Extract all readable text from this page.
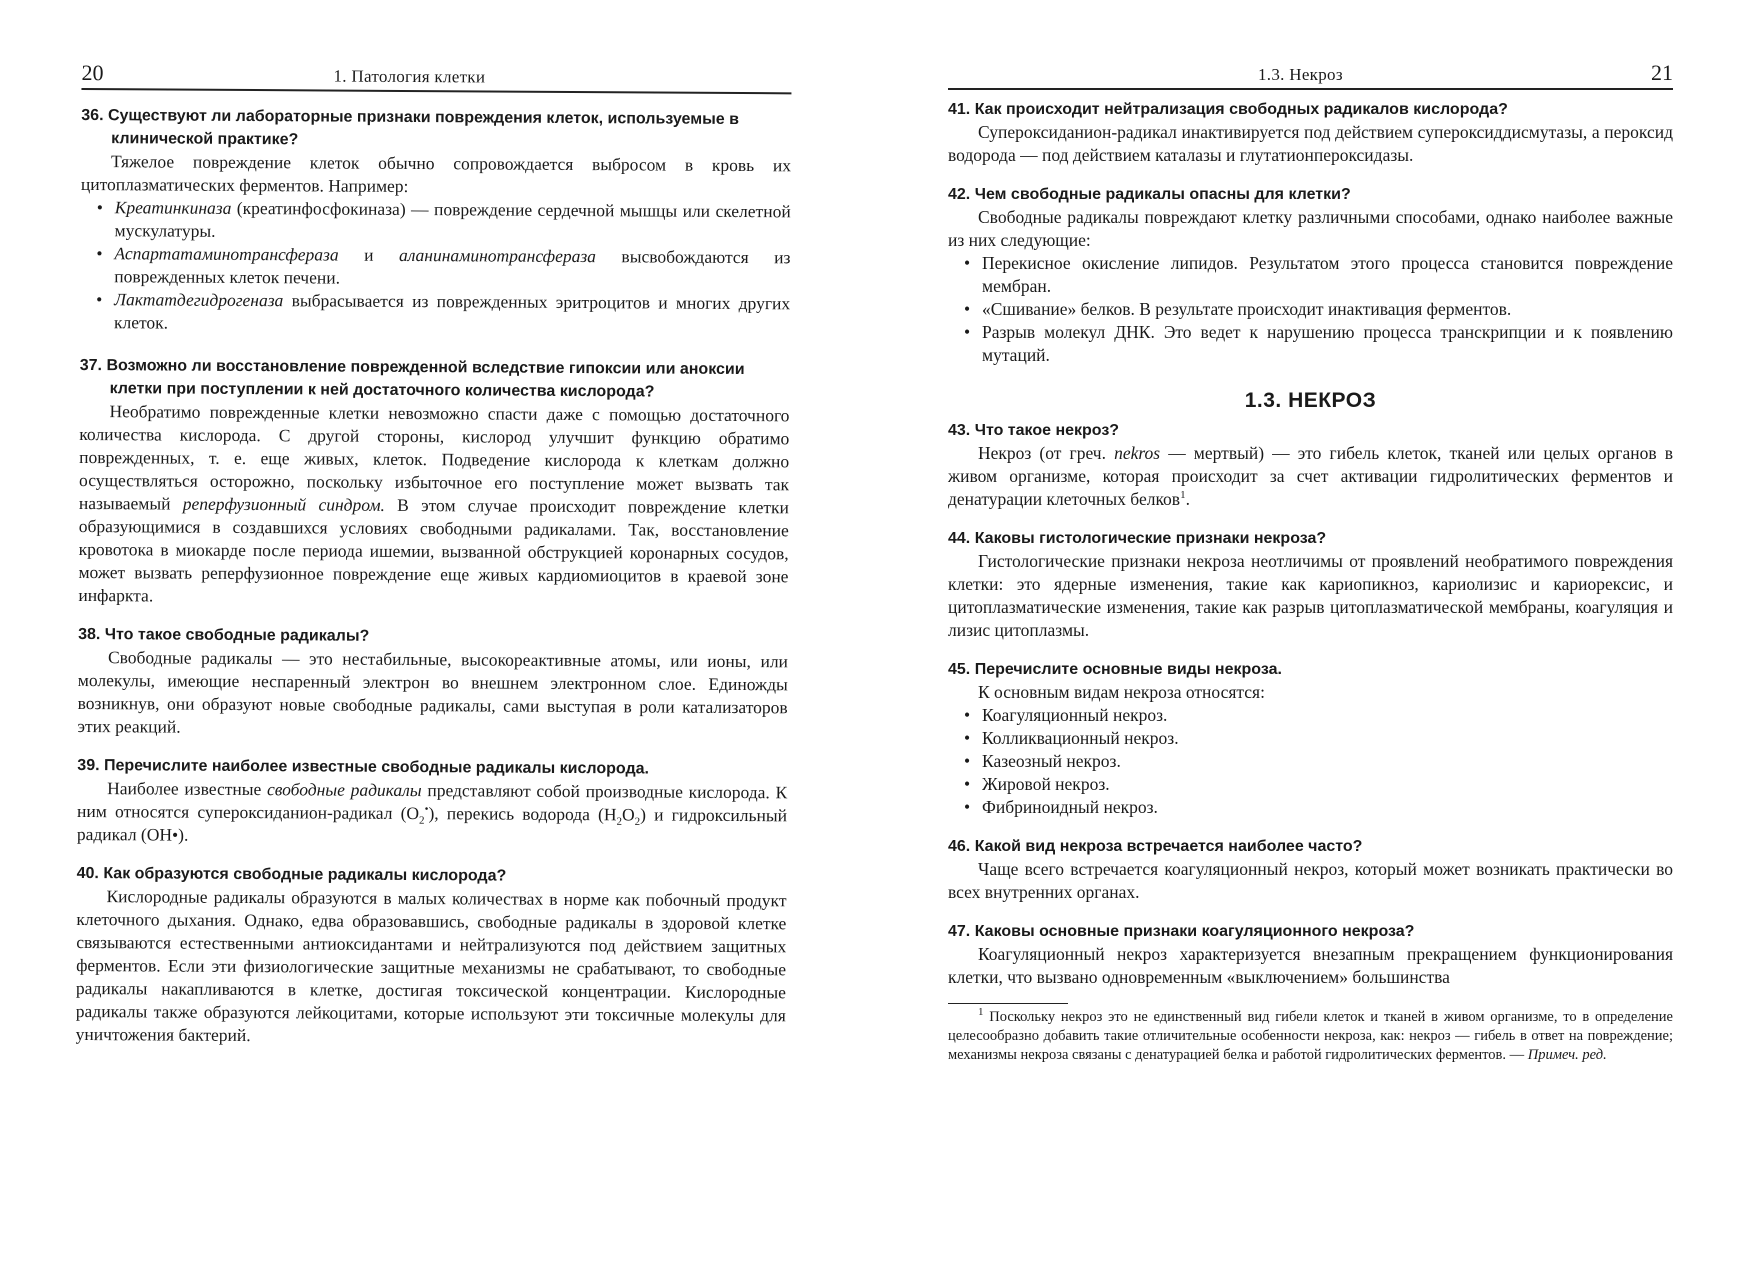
20	1. Патология клетки
36. Существуют ли лабораторные признаки повреждения клеток, используемые в клинической практике?

Тяжелое повреждение клеток обычно сопровождается выбросом в кровь их цитоплазматических ферментов. Например:

• Креатинкиназа (креатинфосфокиназа) — повреждение сердечной мышцы или скелетной мускулатуры.
• Аспартатаминотрансфераза и аланинаминотрансфераза высвобождаются из поврежденных клеток печени.
• Лактатдегидрогеназа выбрасывается из поврежденных эритроцитов и многих других клеток.
37. Возможно ли восстановление поврежденной вследствие гипоксии или аноксии клетки при поступлении к ней достаточного количества кислорода?

Необратимо поврежденные клетки невозможно спасти даже с помощью достаточного количества кислорода. С другой стороны, кислород улучшит функцию обратимо поврежденных, т. е. еще живых, клеток. Подведение кислорода к клеткам должно осуществляться осторожно, поскольку избыточное его поступление может вызвать так называемый реперфузионный синдром. В этом случае происходит повреждение клетки образующимися в создавшихся условиях свободными радикалами. Так, восстановление кровотока в миокарде после периода ишемии, вызванной обструкцией коронарных сосудов, может вызвать реперфузионное повреждение еще живых кардиомиоцитов в краевой зоне инфаркта.

38. Что такое свободные радикалы?

Свободные радикалы — это нестабильные, высокореактивные атомы, или ионы, или молекулы, имеющие неспаренный электрон во внешнем электронном слое. Единожды возникнув, они образуют новые свободные радикалы, сами выступая в роли катализаторов этих реакций.

39. Перечислите наиболее известные свободные радикалы кислорода.

Наиболее известные свободные радикалы представляют собой производные кислорода. К ним относятся супероксиданион-радикал $(O_2^•)$, перекись водорода $(H_2O_2)$ и гидроксильный радикал (OH•).

40. Как образуются свободные радикалы кислорода?

Кислородные радикалы образуются в малых количествах в норме как побочный продукт клеточного дыхания. Однако, едва образовавшись, свободные радикалы в здоровой клетке связываются естественными антиоксидантами и нейтрализуются под действием защитных ферментов. Если эти физиологические защитные механизмы не срабатывают, то свободные радикалы накапливаются в клетке, достигая токсической концентрации. Кислородные радикалы также образуются лейкоцитами, которые используют эти токсичные молекулы для уничтожения бактерий.

1.3. Некроз	21
41. Как происходит нейтрализация свободных радикалов кислорода?

Супероксиданион-радикал инактивируется под действием супероксиддисмутазы, а пероксид водорода — под действием каталазы и глутатионпероксидазы.

42. Чем свободные радикалы опасны для клетки?

Свободные радикалы повреждают клетку различными способами, однако наиболее важные из них следующие:

• Перекисное окисление липидов. Результатом этого процесса становится повреждение мембран.
• «Сшивание» белков. В результате происходит инактивация ферментов.
• Разрыв молекул ДНК. Это ведет к нарушению процесса транскрипции и к появлению мутаций.
1.3. НЕКРОЗ
43. Что такое некроз?

Некроз (от греч. nekros — мертвый) — это гибель клеток, тканей или целых органов в живом организме, которая происходит за счет активации гидролитических ферментов и денатурации клеточных белков$^1$.

44. Каковы гистологические признаки некроза?

Гистологические признаки некроза неотличимы от проявлений необратимого повреждения клетки: это ядерные изменения, такие как кариопикноз, кариолизис и кариорексис, и цитоплазматические изменения, такие как разрыв цитоплазматической мембраны, коагуляция и лизис цитоплазмы.

45. Перечислите основные виды некроза.

К основным видам некроза относятся:

• Коагуляционный некроз.
• Колликвационный некроз.
• Казеозный некроз.
• Жировой некроз.
• Фибриноидный некроз.
46. Какой вид некроза встречается наиболее часто?

Чаще всего встречается коагуляционный некроз, который может возникать практически во всех внутренних органах.

47. Каковы основные признаки коагуляционного некроза?

Коагуляционный некроз характеризуется внезапным прекращением функционирования клетки, что вызвано одновременным «выключением» большинства

$^1$ Поскольку некроз это не единственный вид гибели клеток и тканей в живом организме, то в определение целесообразно добавить такие отличительные особенности некроза, как: некроз — гибель в ответ на повреждение; механизмы некроза связаны с денатурацией белка и работой гидролитических ферментов. — Примеч. ред.
